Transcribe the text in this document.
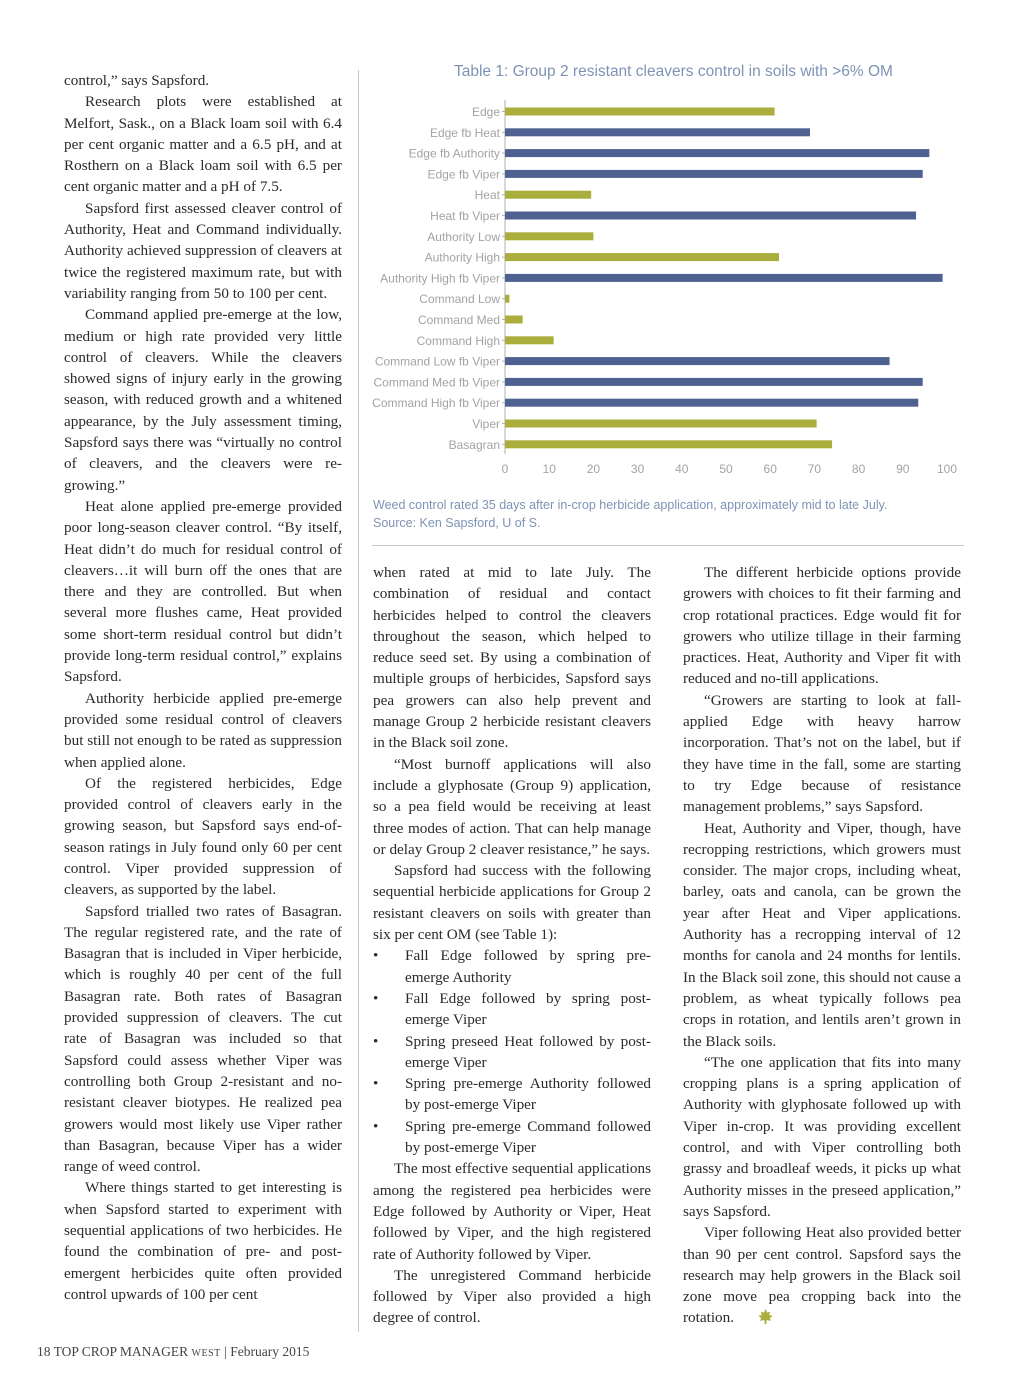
control,” says Sapsford.

Research plots were established at Melfort, Sask., on a Black loam soil with 6.4 per cent organic matter and a 6.5 pH, and at Rosthern on a Black loam soil with 6.5 per cent organic matter and a pH of 7.5.

Sapsford first assessed cleaver control of Authority, Heat and Command individually. Authority achieved suppression of cleavers at twice the registered maximum rate, but with variability ranging from 50 to 100 per cent.

Command applied pre-emerge at the low, medium or high rate provided very little control of cleavers. While the cleavers showed signs of injury early in the growing season, with reduced growth and a whitened appearance, by the July assessment timing, Sapsford says there was “virtually no control of cleavers, and the cleavers were re-growing.”

Heat alone applied pre-emerge provided poor long-season cleaver control. “By itself, Heat didn’t do much for residual control of cleavers…it will burn off the ones that are there and they are controlled. But when several more flushes came, Heat provided some short-term residual control but didn’t provide long-term residual control,” explains Sapsford.

Authority herbicide applied pre-emerge provided some residual control of cleavers but still not enough to be rated as suppression when applied alone.

Of the registered herbicides, Edge provided control of cleavers early in the growing season, but Sapsford says end-of-season ratings in July found only 60 per cent control. Viper provided suppression of cleavers, as supported by the label.

Sapsford trialled two rates of Basagran. The regular registered rate, and the rate of Basagran that is included in Viper herbicide, which is roughly 40 per cent of the full Basagran rate. Both rates of Basagran provided suppression of cleavers. The cut rate of Basagran was included so that Sapsford could assess whether Viper was controlling both Group 2-resistant and no-resistant cleaver biotypes. He realized pea growers would most likely use Viper rather than Basagran, because Viper has a wider range of weed control.

Where things started to get interesting is when Sapsford started to experiment with sequential applications of two herbicides. He found the combination of pre- and post-emergent herbicides quite often provided control upwards of 100 per cent

Table 1: Group 2 resistant cleavers control in soils with >6% OM
Edge
Edge fb Heat
Edge fb Authority
Edge fb Viper
Heat
Heat fb Viper
Authority Low
Authority High
Authority High fb Viper
Command Low
Command Med
Command High
Command Low fb Viper
Command Med fb Viper
Command High fb Viper
Viper
Basagran
0	10	20	30	40	50	60	70	80	90 100
Weed control rated 35 days after in-crop herbicide application, approximately mid to late July.
Source: Ken Sapsford, U of S.

when rated at mid to late July. The combination of residual and contact herbicides helped to control the cleavers throughout the season, which helped to reduce seed set. By using a combination of multiple groups of herbicides, Sapsford says pea growers can also help prevent and manage Group 2 herbicide resistant cleavers in the Black soil zone.

“Most burnoff applications will also include a glyphosate (Group 9) application, so a pea field would be receiving at least three modes of action. That can help manage or delay Group 2 cleaver resistance,” he says.

Sapsford had success with the following sequential herbicide applications for Group 2 resistant cleavers on soils with greater than six per cent OM (see Table 1):

•	Fall Edge followed by spring pre-emerge Authority
•	Fall Edge followed by spring post-emerge Viper
•	Spring preseed Heat followed by post-emerge Viper
•	Spring pre-emerge Authority followed by post-emerge Viper
•	Spring pre-emerge Command followed by post-emerge Viper

The most effective sequential applications among the registered pea herbicides were Edge followed by Authority or Viper, Heat followed by Viper, and the high registered rate of Authority followed by Viper.

The unregistered Command herbicide followed by Viper also provided a high degree of control.

The different herbicide options provide growers with choices to fit their farming and crop rotational practices. Edge would fit for growers who utilize tillage in their farming practices. Heat, Authority and Viper fit with reduced and no-till applications.

“Growers are starting to look at fall-applied Edge with heavy harrow incorporation. That’s not on the label, but if they have time in the fall, some are starting to try Edge because of resistance management problems,” says Sapsford.

Heat, Authority and Viper, though, have recropping restrictions, which growers must consider. The major crops, including wheat, barley, oats and canola, can be grown the year after Heat and Viper applications. Authority has a recropping interval of 12 months for canola and 24 months for lentils. In the Black soil zone, this should not cause a problem, as wheat typically follows pea crops in rotation, and lentils aren’t grown in the Black soils.

“The one application that fits into many cropping plans is a spring application of Authority with glyphosate followed up with Viper in-crop. It was providing excellent control, and with Viper controlling both grassy and broadleaf weeds, it picks up what Authority misses in the preseed application,” says Sapsford.

Viper following Heat also provided better than 90 per cent control. Sapsford says the research may help growers in the Black soil zone move pea cropping back into the rotation.

18 TOP CROP MANAGER WEST | February 2015
